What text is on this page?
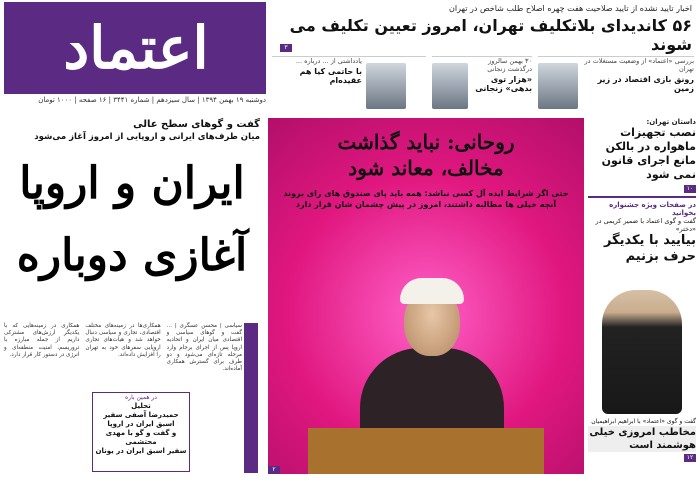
اعتماد
دوشنبه ۱۹ بهمن ۱۳۹۴ | سال سیزدهم | شماره ۳۴۴۱ | ۱۶ صفحه | ۱۰۰۰ تومان
اخبار تایید نشده از تایید صلاحیت هفت چهره اصلاح طلب شاخص در تهران
۵۶ کاندیدای بلاتکلیف تهران، امروز تعیین تکلیف می شوند
۳
بررسی «اعتماد» از وضعیت مستغلات در تهران
رونق بازی اقتصاد در زیر زمین
۳۰ بهمن سالروز درگذشت زنجانی
«هزار توی بدهی» زنجانی
یادداشتی از ... درباره ...
با حاتمی کیا هم عقیده‌ام
گفت و گوهای سطح عالی
میان طرف‌های ایرانی و اروپایی از امروز آغاز می‌شود
ایران و اروپا
آغازی دوباره
سیاسی | محسن عسگری | ... گفت و گوهای سیاسی و اقتصادی میان ایران و اتحادیه اروپا پس از اجرای برجام وارد مرحله تازه‌ای می‌شود و دو طرف برای گسترش همکاری آماده‌اند.
همکاری‌ها در زمینه‌های مختلف اقتصادی، تجاری و سیاسی دنبال خواهد شد و هیات‌های تجاری اروپایی سفرهای خود به تهران را افزایش داده‌اند.
همکاری در زمینه‌هایی که با یکدیگر ارزش‌های مشترکی داریم از جمله مبارزه با تروریسم، امنیت منطقه‌ای و انرژی در دستور کار قرار دارد.
در همین باره
تحلیل
حمیدرضا آصفی سفیر اسبق ایران در اروپا
و گفت و گو با مهدی محتشمی
سفیر اسبق ایران در یونان
روحانی: نباید گذاشت
مخالف، معاند شود
حتی اگر شرایط ایده آل کسی نباشد: همه باید پای صندوق های رای بروند آنچه خیلی ها مطالبه داشتند، امروز در پیش چشمان شان قرار دارد
۲
داستان تهران:
نصب تجهیزات ماهواره در بالکن مانع اجرای قانون نمی شود
۱۰
در صفحات ویژه جشنواره بخوانید
گفت و گوی اعتماد با ضمیر کریمی در «دختر»
بیایید با یکدیگر حرف بزنیم
گفت و گوی «اعتماد» با ابراهیم ابراهیمیان
مخاطب امروزی خیلی هوشمند است
۱۲
